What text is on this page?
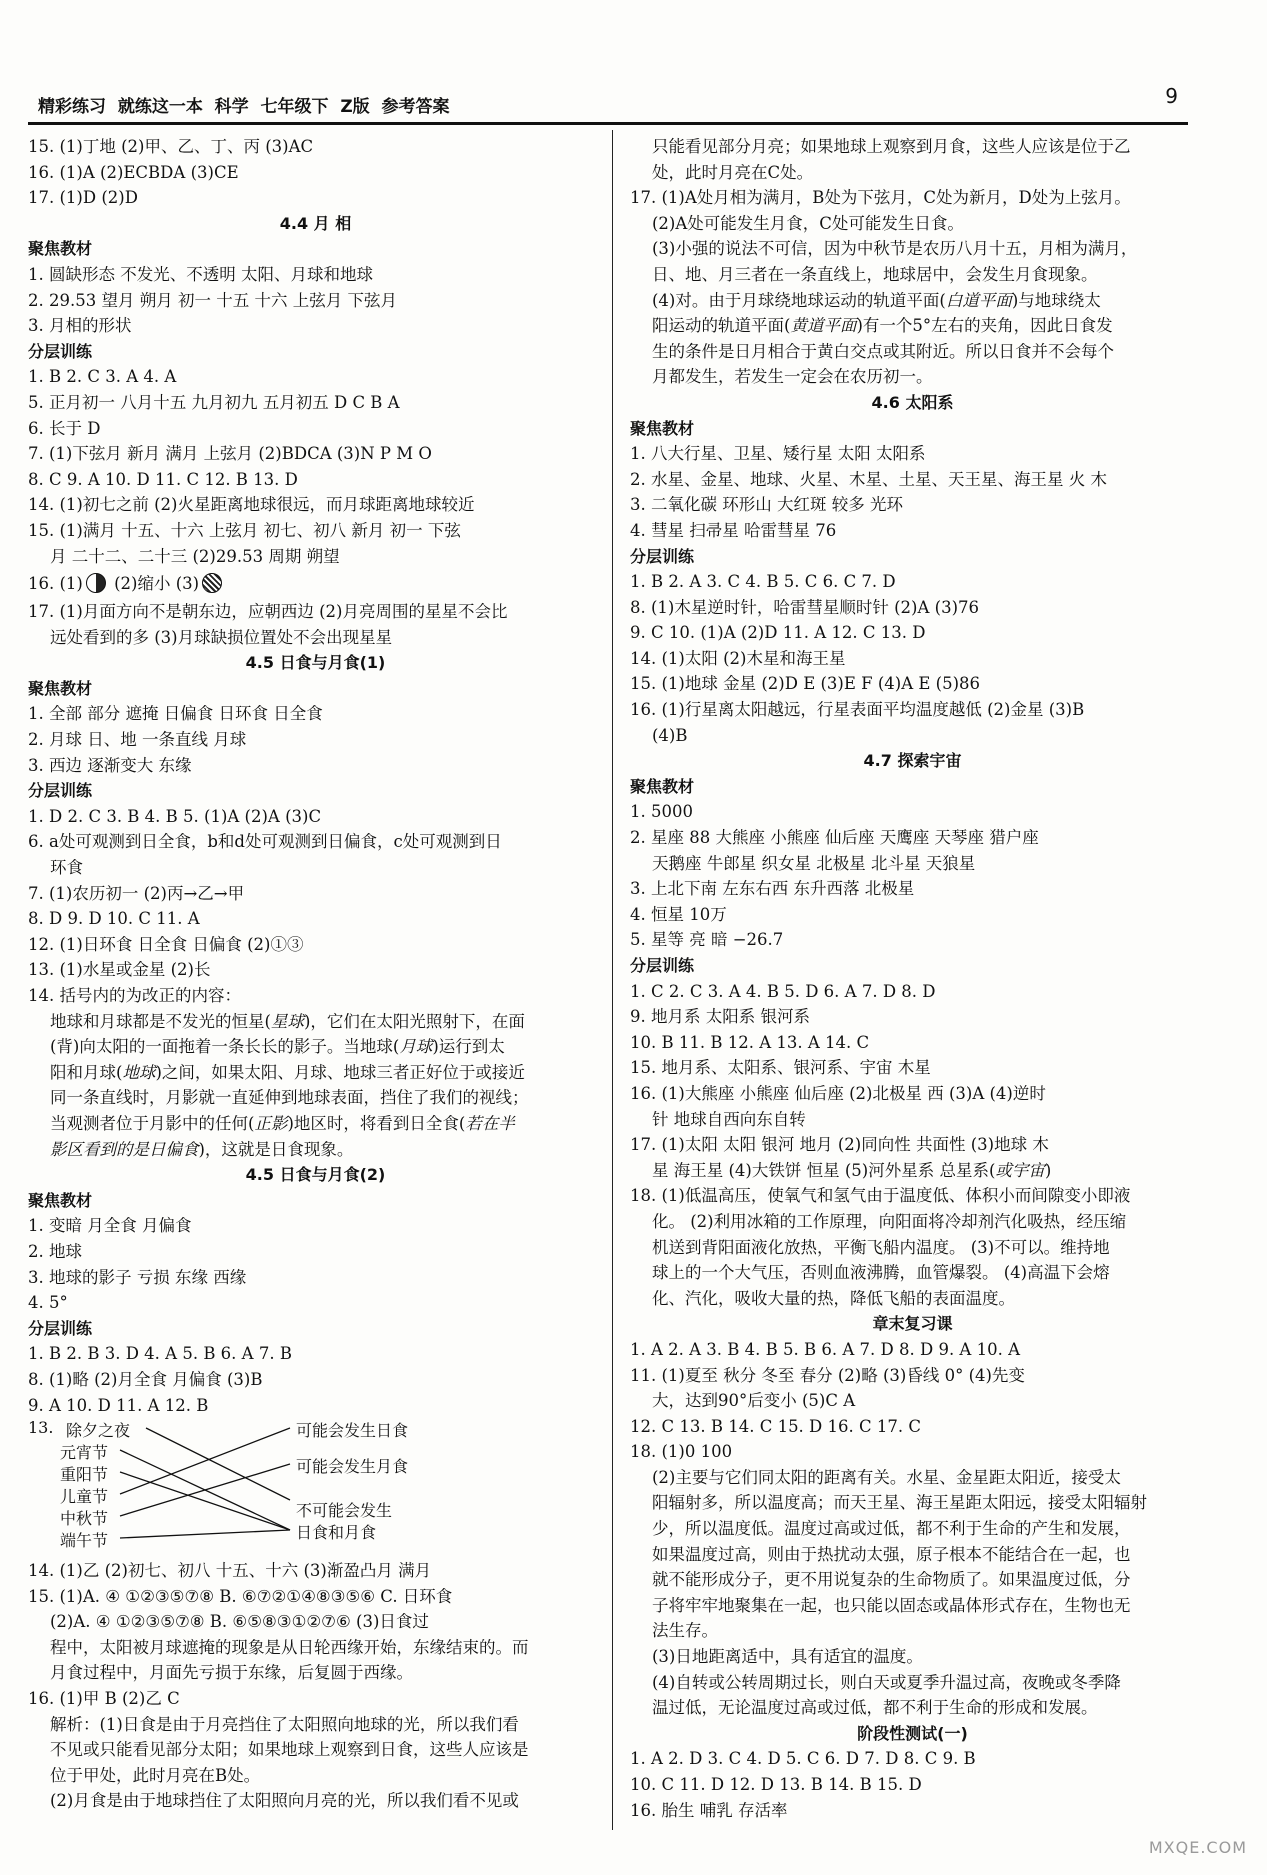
精彩练习  就练这一本  科学  七年级下  Z版  参考答案	9
15. (1)丁地 (2)甲、乙、丁、丙 (3)AC
16. (1)A (2)ECBDA (3)CE
17. (1)D (2)D
4.4 月 相
聚焦教材
1. 圆缺形态 不发光、不透明 太阳、月球和地球
2. 29.53 望月 朔月 初一 十五 十六 上弦月 下弦月
3. 月相的形状
分层训练
1. B 2. C 3. A 4. A
5. 正月初一 八月十五 九月初九 五月初五 D C B A
6. 长于 D
7. (1)下弦月 新月 满月 上弦月 (2)BDCA (3)N P M O
8. C 9. A 10. D 11. C 12. B 13. D
14. (1)初七之前 (2)火星距离地球很远，而月球距离地球较近
15. (1)满月 十五、十六 上弦月 初七、初八 新月 初一 下弦
月 二十二、二十三 (2)29.53 周期 朔望
16. (1) (2)缩小 (3)
17. (1)月面方向不是朝东边，应朝西边 (2)月亮周围的星星不会比
远处看到的多 (3)月球缺损位置处不会出现星星
4.5 日食与月食(1)
聚焦教材
1. 全部 部分 遮掩 日偏食 日环食 日全食
2. 月球 日、地 一条直线 月球
3. 西边 逐渐变大 东缘
分层训练
1. D 2. C 3. B 4. B 5. (1)A (2)A (3)C
6. a处可观测到日全食，b和d处可观测到日偏食，c处可观测到日
环食
7. (1)农历初一 (2)丙→乙→甲
8. D 9. D 10. C 11. A
12. (1)日环食 日全食 日偏食 (2)①③
13. (1)水星或金星 (2)长
14. 括号内的为改正的内容：
地球和月球都是不发光的恒星(星球)，它们在太阳光照射下，在面
(背)向太阳的一面拖着一条长长的影子。当地球(月球)运行到太
阳和月球(地球)之间，如果太阳、月球、地球三者正好位于或接近
同一条直线时，月影就一直延伸到地球表面，挡住了我们的视线；
当观测者位于月影中的任何(正影)地区时，将看到日全食(若在半
影区看到的是日偏食)，这就是日食现象。
4.5 日食与月食(2)
聚焦教材
1. 变暗 月全食 月偏食
2. 地球
3. 地球的影子 亏损 东缘 西缘
4. 5°
分层训练
1. B 2. B 3. D 4. A 5. B 6. A 7. B
8. (1)略 (2)月全食 月偏食 (3)B
9. A 10. D 11. A 12. B
13. 除夕之夜
元宵节
重阳节
儿童节
中秋节
端午节
可能会发生日食
可能会发生月食
不可能会发生
日食和月食
14. (1)乙 (2)初七、初八 十五、十六 (3)渐盈凸月 满月
15. (1)A. ④ ①②③⑤⑦⑧ B. ⑥⑦②①④⑧③⑤⑥ C. 日环食
(2)A. ④ ①②③⑤⑦⑧ B. ⑥⑤⑧③①②⑦⑥ (3)日食过
程中，太阳被月球遮掩的现象是从日轮西缘开始，东缘结束的。而
月食过程中，月面先亏损于东缘，后复圆于西缘。
16. (1)甲 B (2)乙 C
解析：(1)日食是由于月亮挡住了太阳照向地球的光，所以我们看
不见或只能看见部分太阳；如果地球上观察到日食，这些人应该是
位于甲处，此时月亮在B处。
(2)月食是由于地球挡住了太阳照向月亮的光，所以我们看不见或
只能看见部分月亮；如果地球上观察到月食，这些人应该是位于乙
处，此时月亮在C处。
17. (1)A处月相为满月，B处为下弦月，C处为新月，D处为上弦月。
(2)A处可能发生月食，C处可能发生日食。
(3)小强的说法不可信，因为中秋节是农历八月十五，月相为满月，
日、地、月三者在一条直线上，地球居中，会发生月食现象。
(4)对。由于月球绕地球运动的轨道平面(白道平面)与地球绕太
阳运动的轨道平面(黄道平面)有一个5°左右的夹角，因此日食发
生的条件是日月相合于黄白交点或其附近。所以日食并不会每个
月都发生，若发生一定会在农历初一。
4.6 太阳系
聚焦教材
1. 八大行星、卫星、矮行星 太阳 太阳系
2. 水星、金星、地球、火星、木星、土星、天王星、海王星 火 木
3. 二氧化碳 环形山 大红斑 较多 光环
4. 彗星 扫帚星 哈雷彗星 76
分层训练
1. B 2. A 3. C 4. B 5. C 6. C 7. D
8. (1)木星逆时针，哈雷彗星顺时针 (2)A (3)76
9. C 10. (1)A (2)D 11. A 12. C 13. D
14. (1)太阳 (2)木星和海王星
15. (1)地球 金星 (2)D E (3)E F (4)A E (5)86
16. (1)行星离太阳越远，行星表面平均温度越低 (2)金星 (3)B
(4)B
4.7 探索宇宙
聚焦教材
1. 5000
2. 星座 88 大熊座 小熊座 仙后座 天鹰座 天琴座 猎户座
天鹅座 牛郎星 织女星 北极星 北斗星 天狼星
3. 上北下南 左东右西 东升西落 北极星
4. 恒星 10万
5. 星等 亮 暗 −26.7
分层训练
1. C 2. C 3. A 4. B 5. D 6. A 7. D 8. D
9. 地月系 太阳系 银河系
10. B 11. B 12. A 13. A 14. C
15. 地月系、太阳系、银河系、宇宙 木星
16. (1)大熊座 小熊座 仙后座 (2)北极星 西 (3)A (4)逆时
针 地球自西向东自转
17. (1)太阳 太阳 银河 地月 (2)同向性 共面性 (3)地球 木
星 海王星 (4)大铁饼 恒星 (5)河外星系 总星系(或宇宙)
18. (1)低温高压，使氧气和氢气由于温度低、体积小而间隙变小即液
化。 (2)利用冰箱的工作原理，向阳面将冷却剂汽化吸热，经压缩
机送到背阳面液化放热，平衡飞船内温度。 (3)不可以。维持地
球上的一个大气压，否则血液沸腾，血管爆裂。 (4)高温下会熔
化、汽化，吸收大量的热，降低飞船的表面温度。
章末复习课
1. A 2. A 3. B 4. B 5. B 6. A 7. D 8. D 9. A 10. A
11. (1)夏至 秋分 冬至 春分 (2)略 (3)昏线 0° (4)先变
大，达到90°后变小 (5)C A
12. C 13. B 14. C 15. D 16. C 17. C
18. (1)0 100
(2)主要与它们同太阳的距离有关。水星、金星距太阳近，接受太
阳辐射多，所以温度高；而天王星、海王星距太阳远，接受太阳辐射
少，所以温度低。温度过高或过低，都不利于生命的产生和发展，
如果温度过高，则由于热扰动太强，原子根本不能结合在一起，也
就不能形成分子，更不用说复杂的生命物质了。如果温度过低，分
子将牢牢地聚集在一起，也只能以固态或晶体形式存在，生物也无
法生存。
(3)日地距离适中，具有适宜的温度。
(4)自转或公转周期过长，则白天或夏季升温过高，夜晚或冬季降
温过低，无论温度过高或过低，都不利于生命的形成和发展。
阶段性测试(一)
1. A 2. D 3. C 4. D 5. C 6. D 7. D 8. C 9. B
10. C 11. D 12. D 13. B 14. B 15. D
16. 胎生 哺乳 存活率
MXQE.COM
